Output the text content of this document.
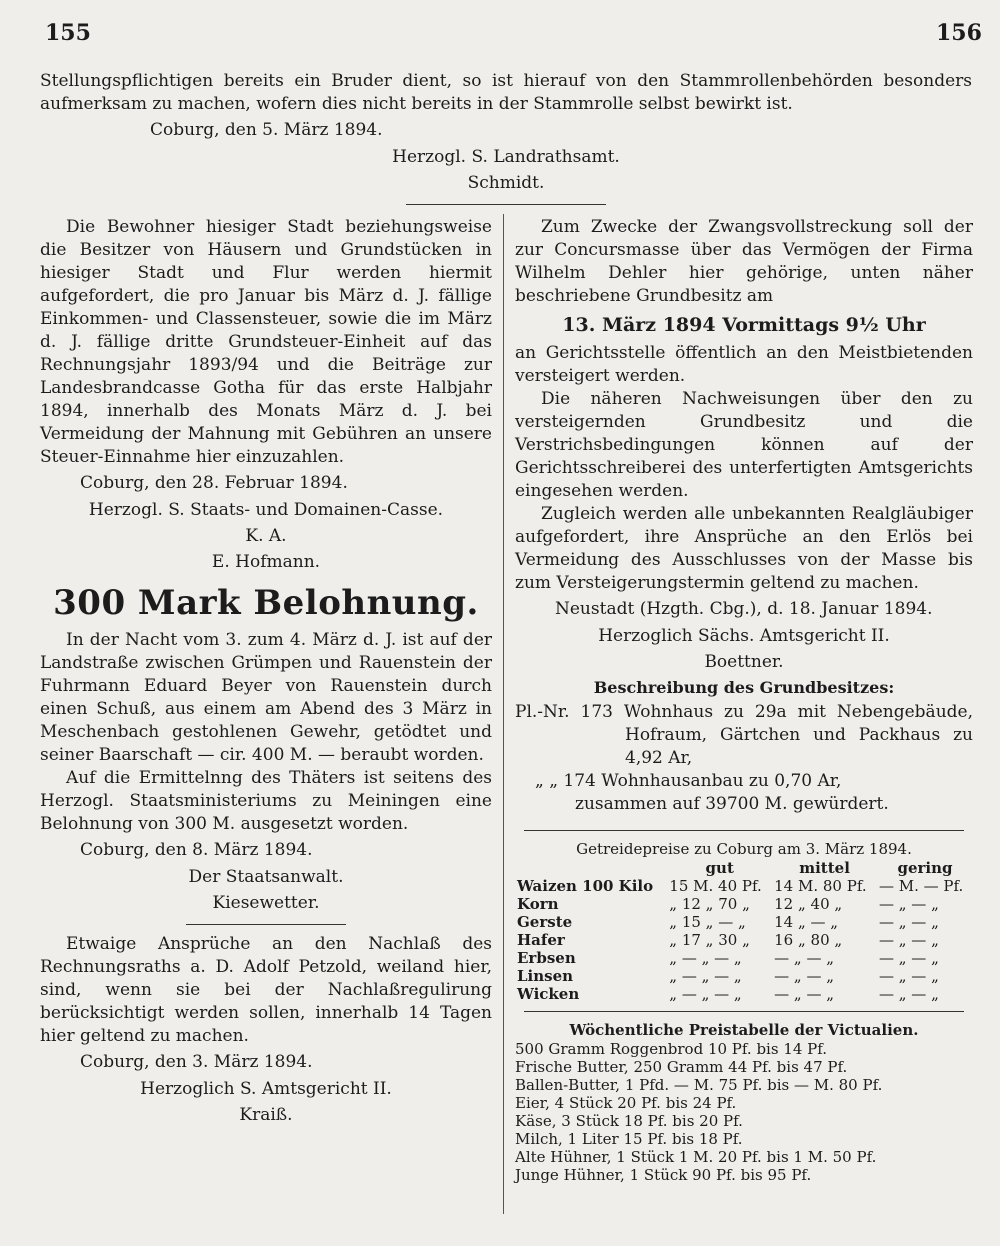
155	156

Stellungspflichtigen bereits ein Bruder dient, so ist hierauf von den Stammrollenbehörden besonders aufmerksam zu machen, wofern dies nicht bereits in der Stammrolle selbst bewirkt ist.

Coburg, den 5. März 1894.
Herzogl. S. Landrathsamt.
Schmidt.

Die Bewohner hiesiger Stadt beziehungsweise die Besitzer von Häusern und Grundstücken in hiesiger Stadt und Flur werden hiermit aufgefordert, die pro Januar bis März d. J. fällige Einkommen- und Classensteuer, sowie die im März d. J. fällige dritte Grundsteuer-Einheit auf das Rechnungsjahr 1893/94 und die Beiträge zur Landesbrandcasse Gotha für das erste Halbjahr 1894, innerhalb des Monats März d. J. bei Vermeidung der Mahnung mit Gebühren an unsere Steuer-Einnahme hier einzuzahlen.

Coburg, den 28. Februar 1894.
Herzogl. S. Staats- und Domainen-Casse.
K. A.
E. Hofmann.
300 Mark Belohnung.

In der Nacht vom 3. zum 4. März d. J. ist auf der Landstraße zwischen Grümpen und Rauenstein der Fuhrmann Eduard Beyer von Rauenstein durch einen Schuß, aus einem am Abend des 3 März in Meschenbach gestohlenen Gewehr, getödtet und seiner Baarschaft — cir. 400 M. — beraubt worden.

Auf die Ermittelnng des Thäters ist seitens des Herzogl. Staatsministeriums zu Meiningen eine Belohnung von 300 M. ausgesetzt worden.

Coburg, den 8. März 1894.
Der Staatsanwalt.
Kiesewetter.

Etwaige Ansprüche an den Nachlaß des Rechnungsraths a. D. Adolf Petzold, weiland hier, sind, wenn sie bei der Nachlaßregulirung berücksichtigt werden sollen, innerhalb 14 Tagen hier geltend zu machen.

Coburg, den 3. März 1894.
Herzoglich S. Amtsgericht II.
Kraiß.

Zum Zwecke der Zwangsvollstreckung soll der zur Concursmasse über das Vermögen der Firma Wilhelm Dehler hier gehörige, unten näher beschriebene Grundbesitz am

13. März 1894 Vormittags 9½ Uhr

an Gerichtsstelle öffentlich an den Meistbietenden versteigert werden.

Die näheren Nachweisungen über den zu versteigernden Grundbesitz und die Verstrichsbedingungen können auf der Gerichtsschreiberei des unterfertigten Amtsgerichts eingesehen werden.

Zugleich werden alle unbekannten Realgläubiger aufgefordert, ihre Ansprüche an den Erlös bei Vermeidung des Ausschlusses von der Masse bis zum Versteigerungstermin geltend zu machen.

Neustadt (Hzgth. Cbg.), d. 18. Januar 1894.
Herzoglich Sächs. Amtsgericht II.
Boettner.
Beschreibung des Grundbesitzes:

Pl.-Nr. 173 Wohnhaus zu 29a mit Nebengebäude, Hofraum, Gärtchen und Packhaus zu 4,92 Ar,

„ „ 174 Wohnhausanbau zu 0,70 Ar,

zusammen auf 39700 M. gewürdert.

Getreidepreise zu Coburg am 3. März 1894.
	gut	mittel	gering
Waizen 100 Kilo	15 M. 40 Pf.	14 M. 80 Pf.	— M. — Pf.
Korn	„ 12 „ 70 „	12 „ 40 „	— „ — „
Gerste	„ 15 „ — „	14 „ — „	— „ — „
Hafer	„ 17 „ 30 „	16 „ 80 „	— „ — „
Erbsen	„ — „ — „	— „ — „	— „ — „
Linsen	„ — „ — „	— „ — „	— „ — „
Wicken	„ — „ — „	— „ — „	— „ — „
Wöchentliche Preistabelle der Victualien.
500 Gramm Roggenbrod 10 Pf. bis 14 Pf.
Frische Butter, 250 Gramm 44 Pf. bis 47 Pf.
Ballen-Butter, 1 Pfd. — M. 75 Pf. bis — M. 80 Pf.
Eier, 4 Stück 20 Pf. bis 24 Pf.
Käse, 3 Stück 18 Pf. bis 20 Pf.
Milch, 1 Liter 15 Pf. bis 18 Pf.
Alte Hühner, 1 Stück 1 M. 20 Pf. bis 1 M. 50 Pf.
Junge Hühner, 1 Stück 90 Pf. bis 95 Pf.
